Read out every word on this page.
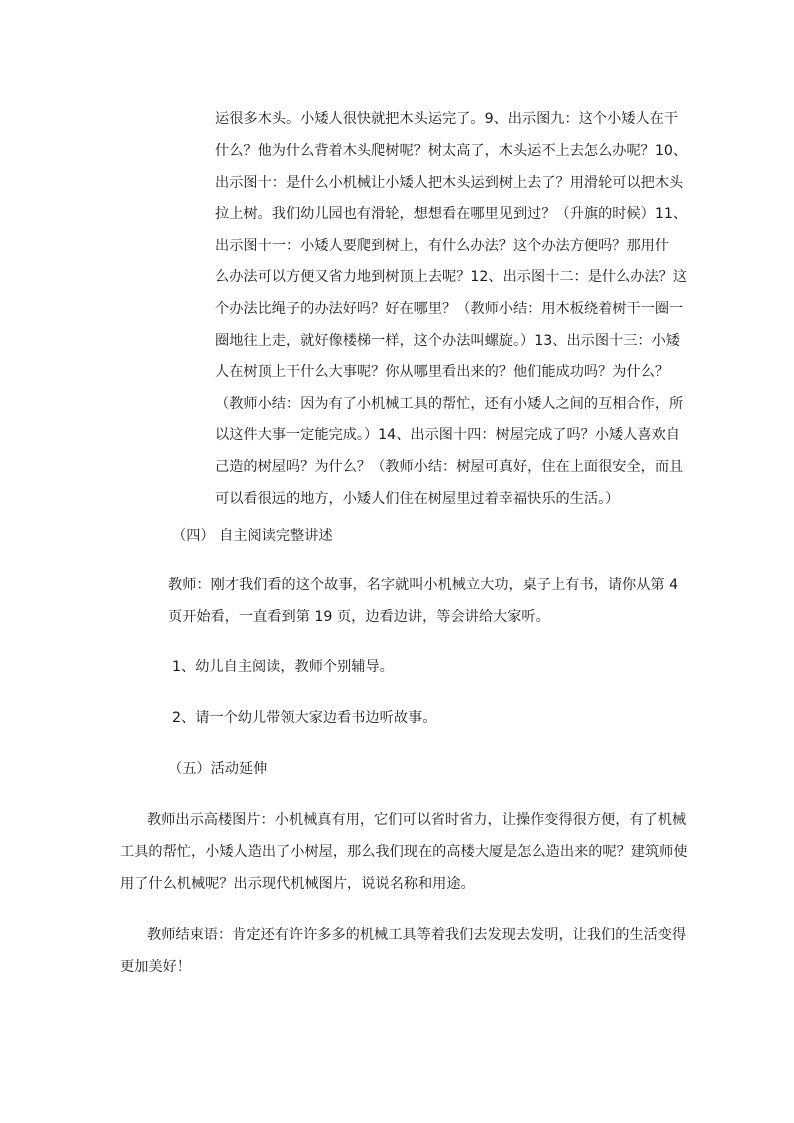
运很多木头。小矮人很快就把木头运完了。9、出示图九：这个小矮人在干
什么？他为什么背着木头爬树呢？树太高了，木头运不上去怎么办呢？10、
出示图十：是什么小机械让小矮人把木头运到树上去了？用滑轮可以把木头
拉上树。我们幼儿园也有滑轮，想想看在哪里见到过？（升旗的时候）11、
出示图十一：小矮人要爬到树上，有什么办法？这个办法方便吗？那用什
么办法可以方便又省力地到树顶上去呢？12、出示图十二：是什么办法？这
个办法比绳子的办法好吗？好在哪里？（教师小结：用木板绕着树干一圈一
圈地往上走，就好像楼梯一样，这个办法叫螺旋。）13、出示图十三：小矮
人在树顶上干什么大事呢？你从哪里看出来的？他们能成功吗？为什么？
（教师小结：因为有了小机械工具的帮忙，还有小矮人之间的互相合作，所
以这件大事一定能完成。）14、出示图十四：树屋完成了吗？小矮人喜欢自
己造的树屋吗？为什么？（教师小结：树屋可真好，住在上面很安全，而且
可以看很远的地方，小矮人们住在树屋里过着幸福快乐的生活。）
（四） 自主阅读完整讲述
教师：刚才我们看的这个故事，名字就叫小机械立大功，桌子上有书，请你从第 4
页开始看，一直看到第 19 页，边看边讲，等会讲给大家听。
1、幼儿自主阅读，教师个别辅导。
2、请一个幼儿带领大家边看书边听故事。
（五）活动延伸
教师出示高楼图片：小机械真有用，它们可以省时省力，让操作变得很方便，有了机械
工具的帮忙，小矮人造出了小树屋，那么我们现在的高楼大厦是怎么造出来的呢？建筑师使
用了什么机械呢？出示现代机械图片，说说名称和用途。
教师结束语：肯定还有许许多多的机械工具等着我们去发现去发明，让我们的生活变得
更加美好！
